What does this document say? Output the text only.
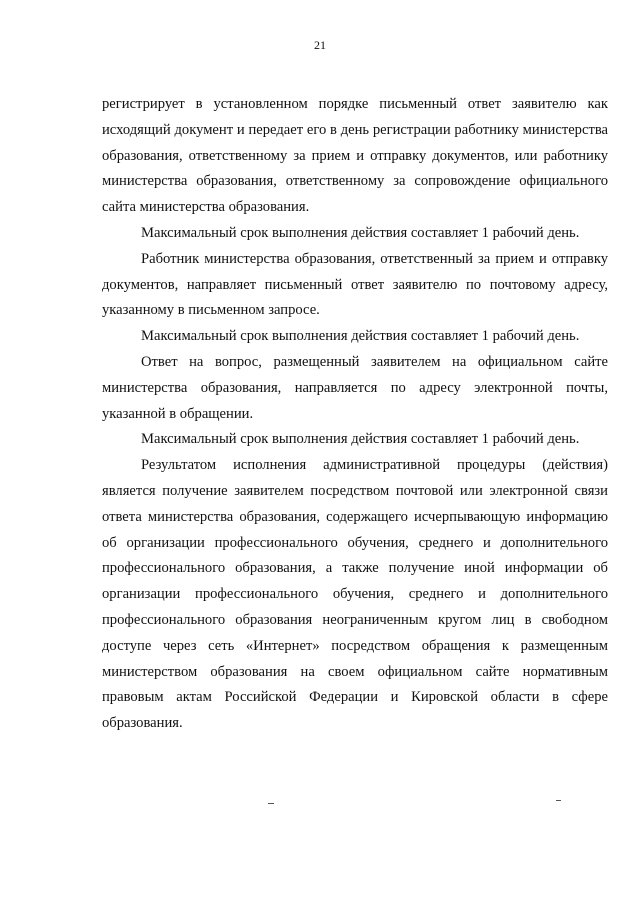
21

регистрирует в установленном порядке письменный ответ заявителю как исходящий документ и передает его в день регистрации работнику министерства образования, ответственному за прием и отправку документов, или работнику министерства образования, ответственному за сопровождение официального сайта министерства образования.

Максимальный срок выполнения действия составляет 1 рабочий день.

Работник министерства образования, ответственный за прием и отправку документов, направляет письменный ответ заявителю по почтовому адресу, указанному в письменном запросе.

Максимальный срок выполнения действия составляет 1 рабочий день.

Ответ на вопрос, размещенный заявителем на официальном сайте министерства образования, направляется по адресу электронной почты, указанной в обращении.

Максимальный срок выполнения действия составляет 1 рабочий день.

Результатом исполнения административной процедуры (действия) является получение заявителем посредством почтовой или электронной связи ответа министерства образования, содержащего исчерпывающую информацию об организации профессионального обучения, среднего и дополнительного профессионального образования, а также получение иной информации об организации профессионального обучения, среднего и дополнительного профессионального образования неограниченным кругом лиц в свободном доступе через сеть «Интернет» посредством обращения к размещенным министерством образования на своем официальном сайте нормативным правовым актам Российской Федерации и Кировской области в сфере образования.
